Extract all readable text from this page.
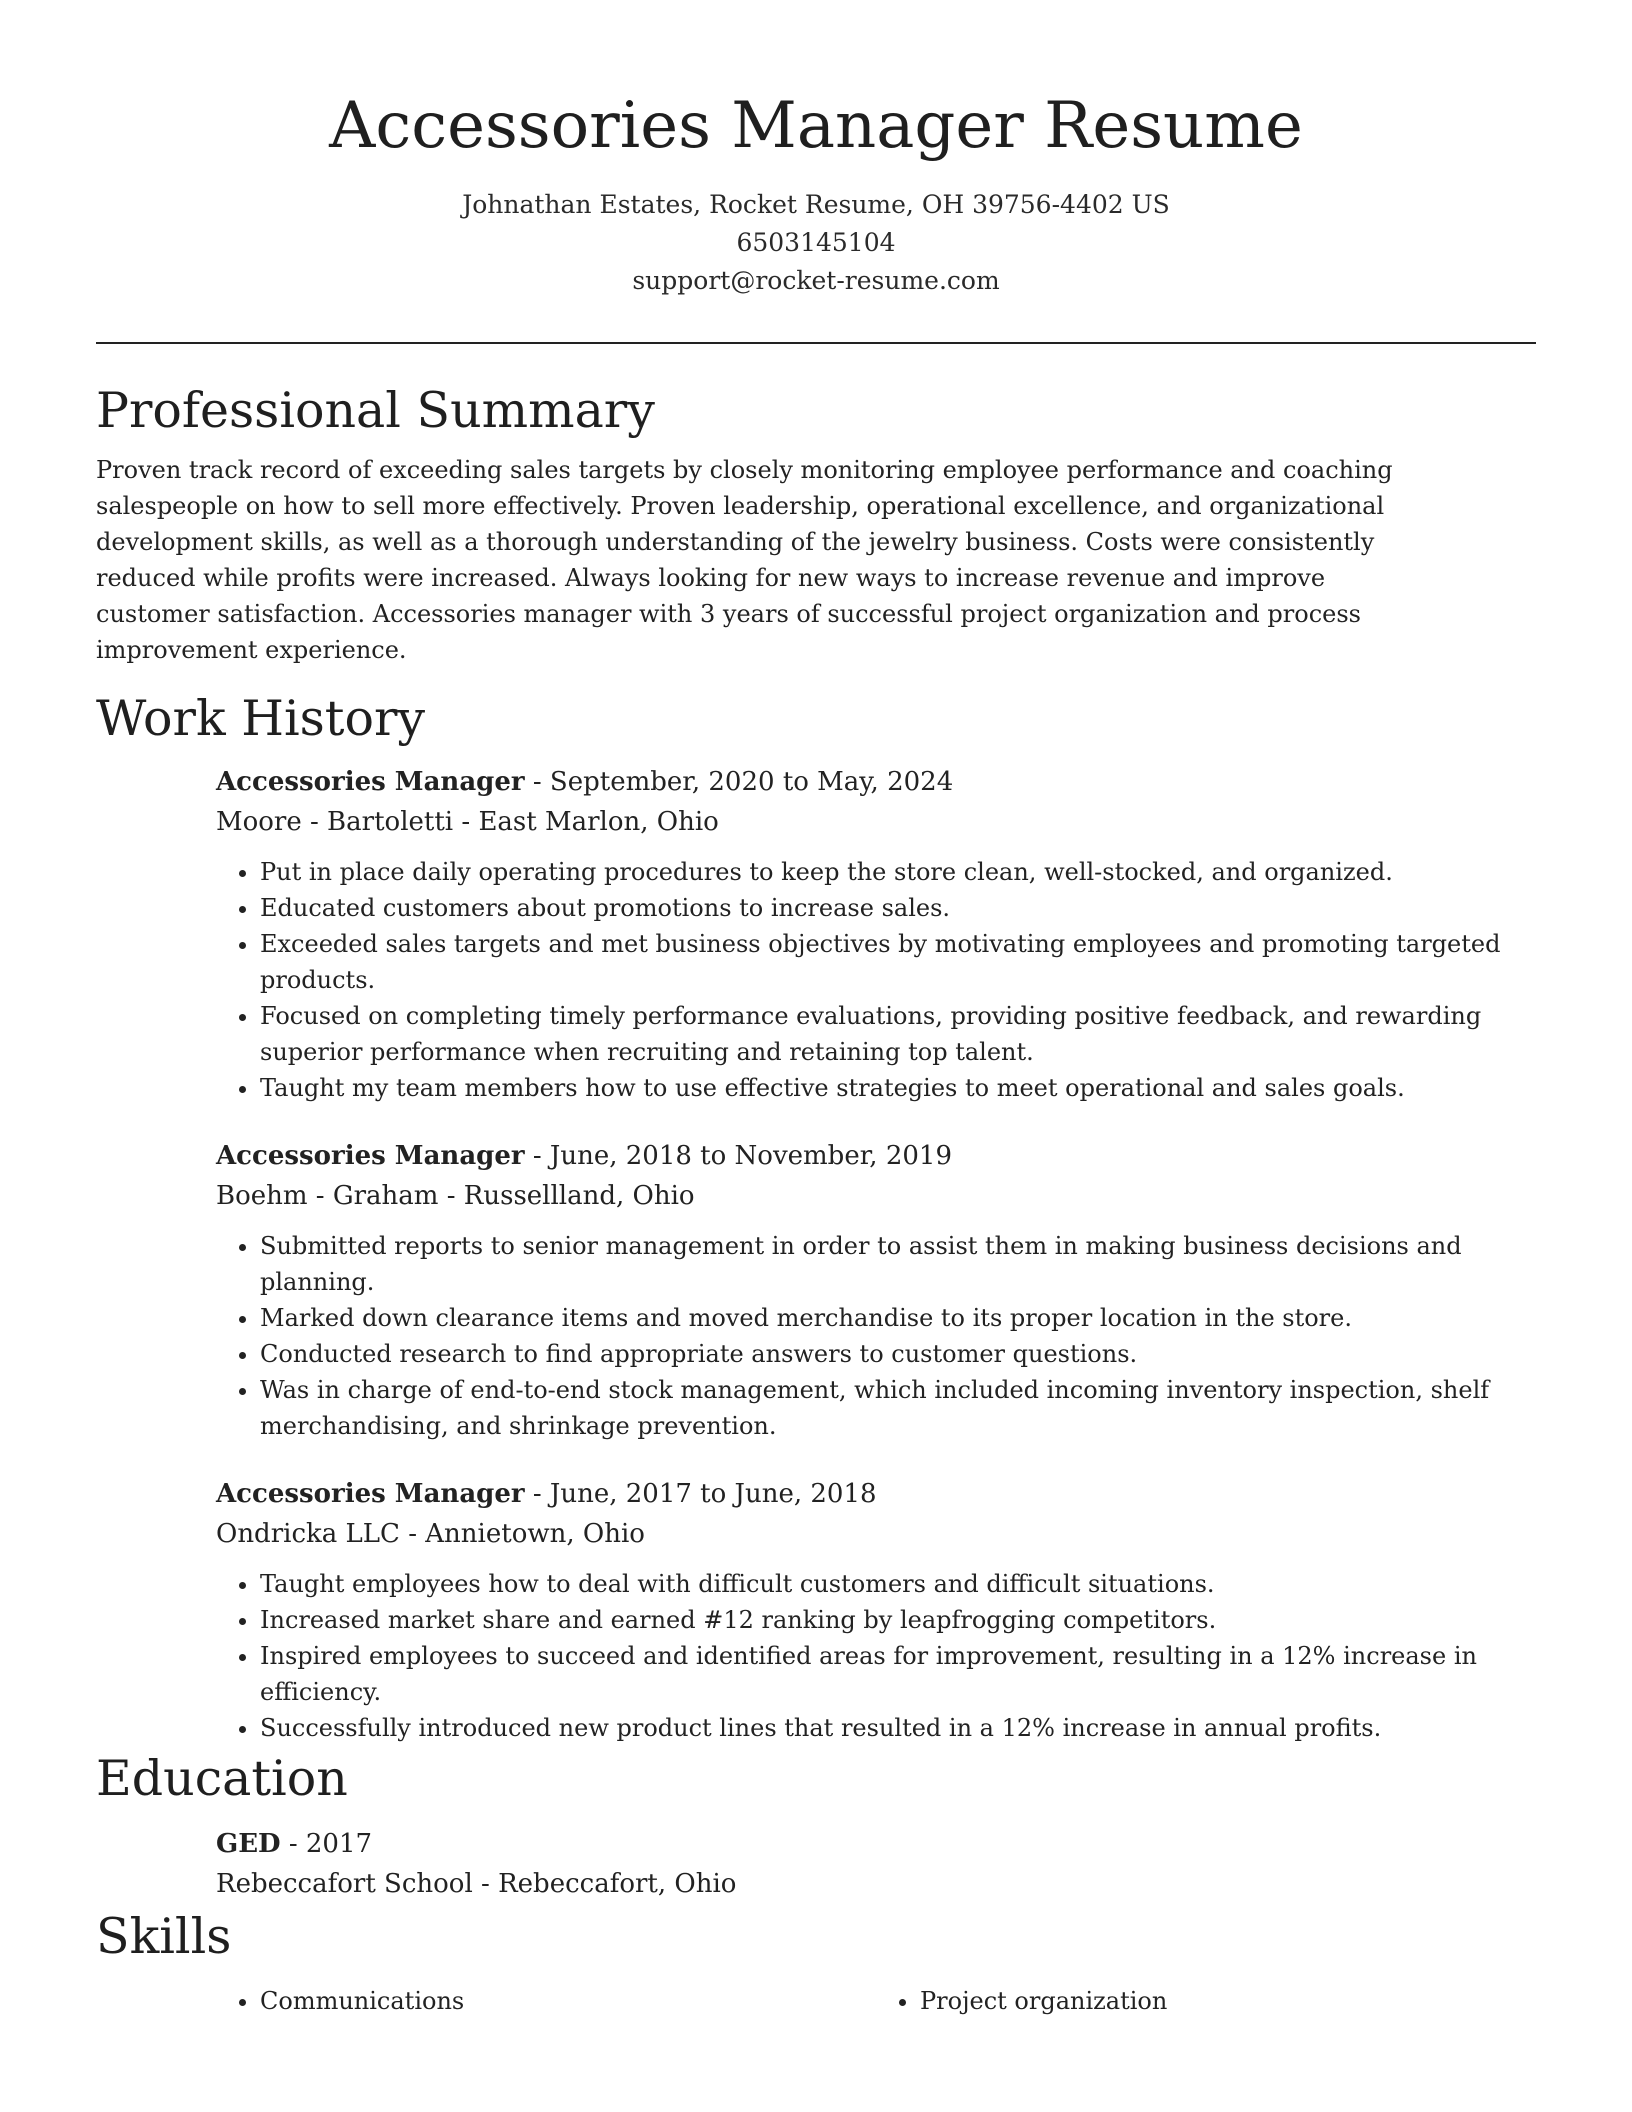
Accessories Manager Resume
Johnathan Estates, Rocket Resume, OH 39756-4402 US
6503145104
support@rocket-resume.com
Professional Summary
Proven track record of exceeding sales targets by closely monitoring employee performance and coaching salespeople on how to sell more effectively. Proven leadership, operational excellence, and organizational development skills, as well as a thorough understanding of the jewelry business. Costs were consistently reduced while profits were increased. Always looking for new ways to increase revenue and improve customer satisfaction. Accessories manager with 3 years of successful project organization and process improvement experience.
Work History
Accessories Manager - September, 2020 to May, 2024
Moore - Bartoletti - East Marlon, Ohio
• Put in place daily operating procedures to keep the store clean, well-stocked, and organized.
• Educated customers about promotions to increase sales.
• Exceeded sales targets and met business objectives by motivating employees and promoting targeted products.
• Focused on completing timely performance evaluations, providing positive feedback, and rewarding superior performance when recruiting and retaining top talent.
• Taught my team members how to use effective strategies to meet operational and sales goals.
Accessories Manager - June, 2018 to November, 2019
Boehm - Graham - Russellland, Ohio
• Submitted reports to senior management in order to assist them in making business decisions and planning.
• Marked down clearance items and moved merchandise to its proper location in the store.
• Conducted research to find appropriate answers to customer questions.
• Was in charge of end-to-end stock management, which included incoming inventory inspection, shelf merchandising, and shrinkage prevention.
Accessories Manager - June, 2017 to June, 2018
Ondricka LLC - Annietown, Ohio
• Taught employees how to deal with difficult customers and difficult situations.
• Increased market share and earned #12 ranking by leapfrogging competitors.
• Inspired employees to succeed and identified areas for improvement, resulting in a 12% increase in efficiency.
• Successfully introduced new product lines that resulted in a 12% increase in annual profits.
Education
GED - 2017
Rebeccafort School - Rebeccafort, Ohio
Skills
• Communications
•	Project organization
